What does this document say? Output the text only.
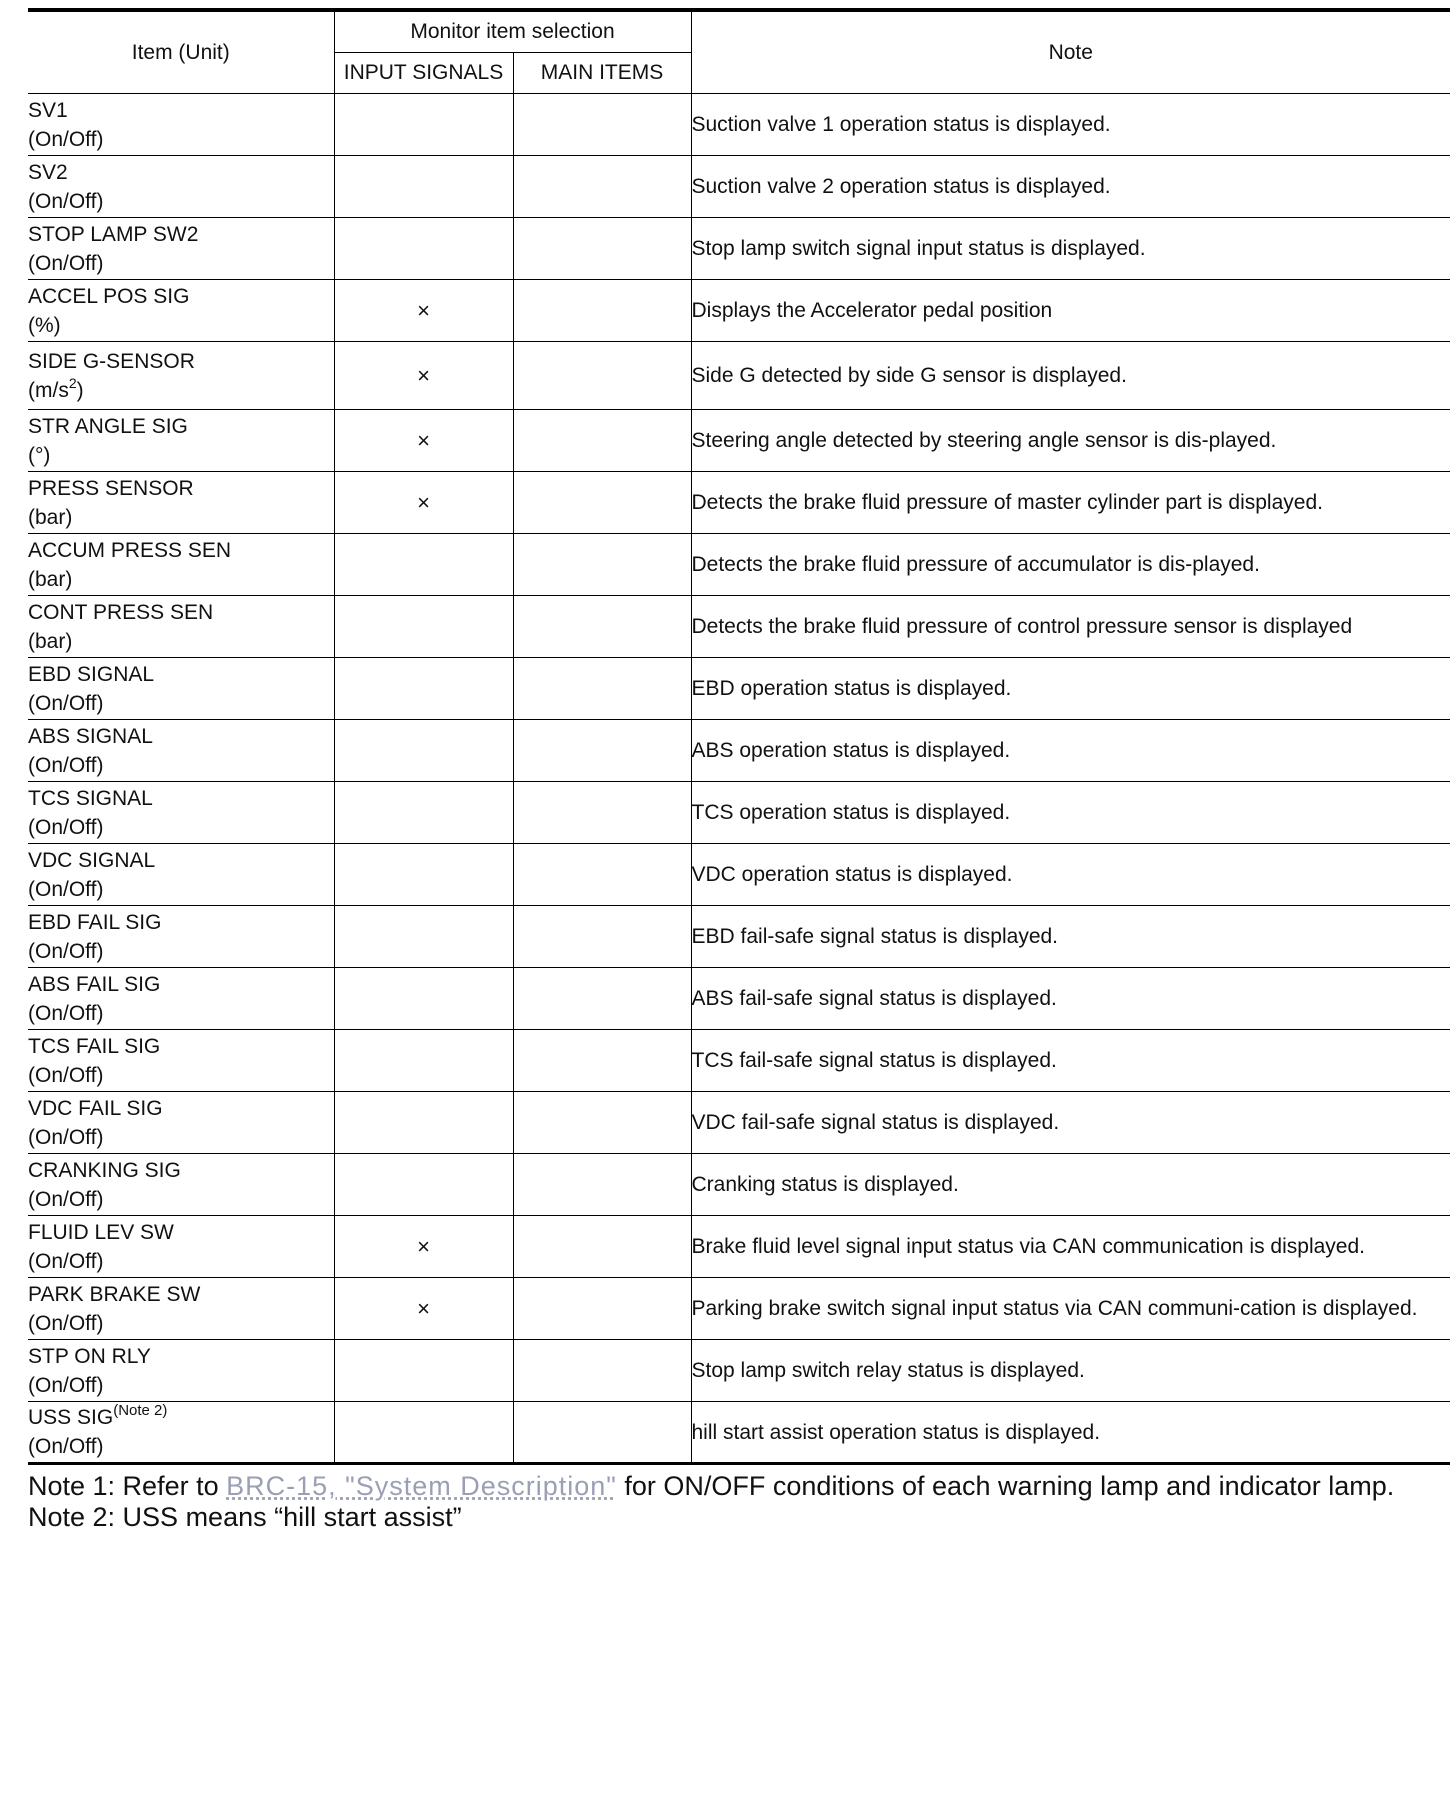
Item (Unit)	Monitor item selection		Note
	INPUT SIGNALS	MAIN ITEMS	

SV1
(On/Off)			Suction valve 1 operation status is displayed.

SV2
(On/Off)			Suction valve 2 operation status is displayed.

STOP LAMP SW2
(On/Off)			Stop lamp switch signal input status is displayed.

ACCEL POS SIG
(%)	×		Displays the Accelerator pedal position

SIDE G-SENSOR
$(m/s^2)$	×		Side G detected by side G sensor is displayed.

STR ANGLE SIG
(°)	×		Steering angle detected by steering angle sensor is dis-played.

PRESS SENSOR
(bar)	×		Detects the brake fluid pressure of master cylinder part is displayed.

ACCUM PRESS SEN
(bar)			Detects the brake fluid pressure of accumulator is dis-played.

CONT PRESS SEN
(bar)			Detects the brake fluid pressure of control pressure sensor is displayed

EBD SIGNAL
(On/Off)			EBD operation status is displayed.

ABS SIGNAL
(On/Off)			ABS operation status is displayed.

TCS SIGNAL
(On/Off)			TCS operation status is displayed.

VDC SIGNAL
(On/Off)			VDC operation status is displayed.

EBD FAIL SIG
(On/Off)			EBD fail-safe signal status is displayed.

ABS FAIL SIG
(On/Off)			ABS fail-safe signal status is displayed.

TCS FAIL SIG
(On/Off)			TCS fail-safe signal status is displayed.

VDC FAIL SIG
(On/Off)			VDC fail-safe signal status is displayed.

CRANKING SIG
(On/Off)			Cranking status is displayed.

FLUID LEV SW
(On/Off)	×		Brake fluid level signal input status via CAN communication is displayed.

PARK BRAKE SW
(On/Off)	×		Parking brake switch signal input status via CAN communi-cation is displayed.

STP ON RLY
(On/Off)			Stop lamp switch relay status is displayed.

USS SIG$^{(Note 2)}$
(On/Off)			hill start assist operation status is displayed.
Note 1: Refer to BRC-15, "System Description" for ON/OFF conditions of each warning lamp and indicator lamp.
Note 2: USS means “hill start assist”
